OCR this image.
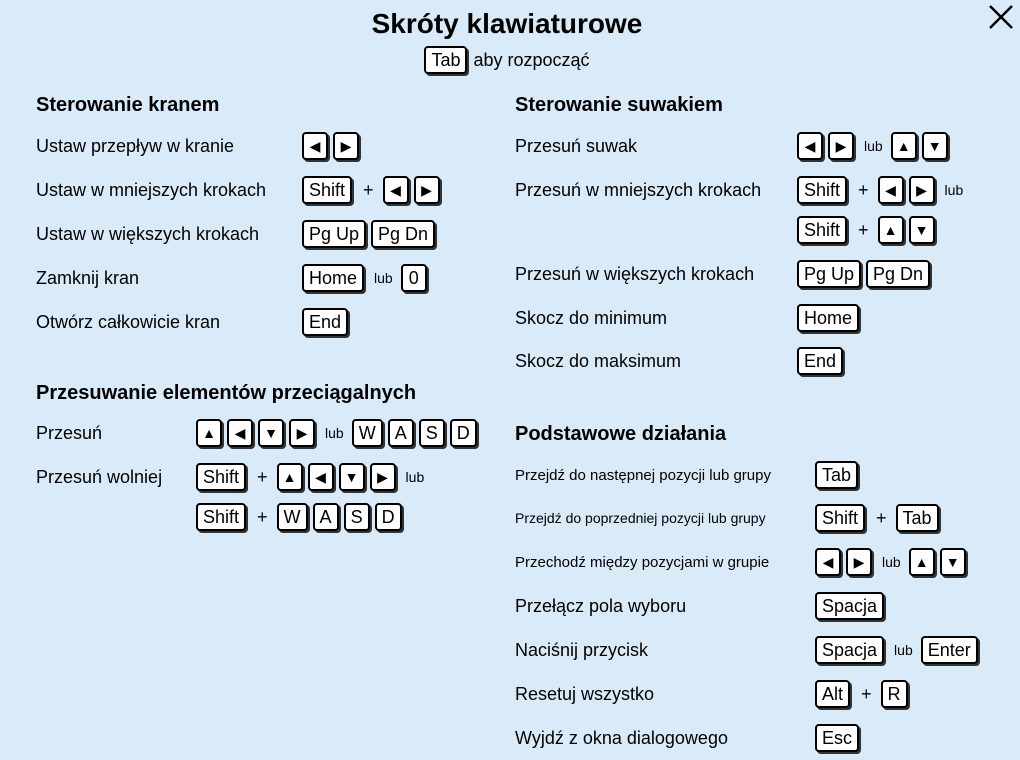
Skróty klawiaturowe
Tab aby rozpocząć
Sterowanie kranem
Ustaw przepływ w kranie	◀	▶
Ustaw w mniejszych krokach	Shift	+	◀	▶
Ustaw w większych krokach	Pg Up	Pg Dn
Zamknij kran	Home	lub 0
Otwórz całkowicie kran	End
Przesuwanie elementów przeciągalnych
Przesuń	▲	◀	▼	▶	lub W	A	S	D
Przesuń wolniej	Shift	+	▲	◀	▼	▶	lub
Shift	+ W	A	S	D
Sterowanie suwakiem
Przesuń suwak	◀	▶	lub	▲	▼
Przesuń w mniejszych krokach	Shift	+	◀	▶	lub
Shift	+	▲	▼
Przesuń w większych krokach	Pg Up	Pg Dn
Skocz do minimum	Home
Skocz do maksimum	End
Podstawowe działania
Przejdź do następnej pozycji lub grupy	Tab
Przejdź do poprzedniej pozycji lub grupy	Shift	+ Tab
Przechodź między pozycjami w grupie	◀	▶	lub	▲	▼
Przełącz pola wyboru	Spacja
Naciśnij przycisk	Spacja	lub Enter
Resetuj wszystko	Alt	+ R
Wyjdź z okna dialogowego	Esc
